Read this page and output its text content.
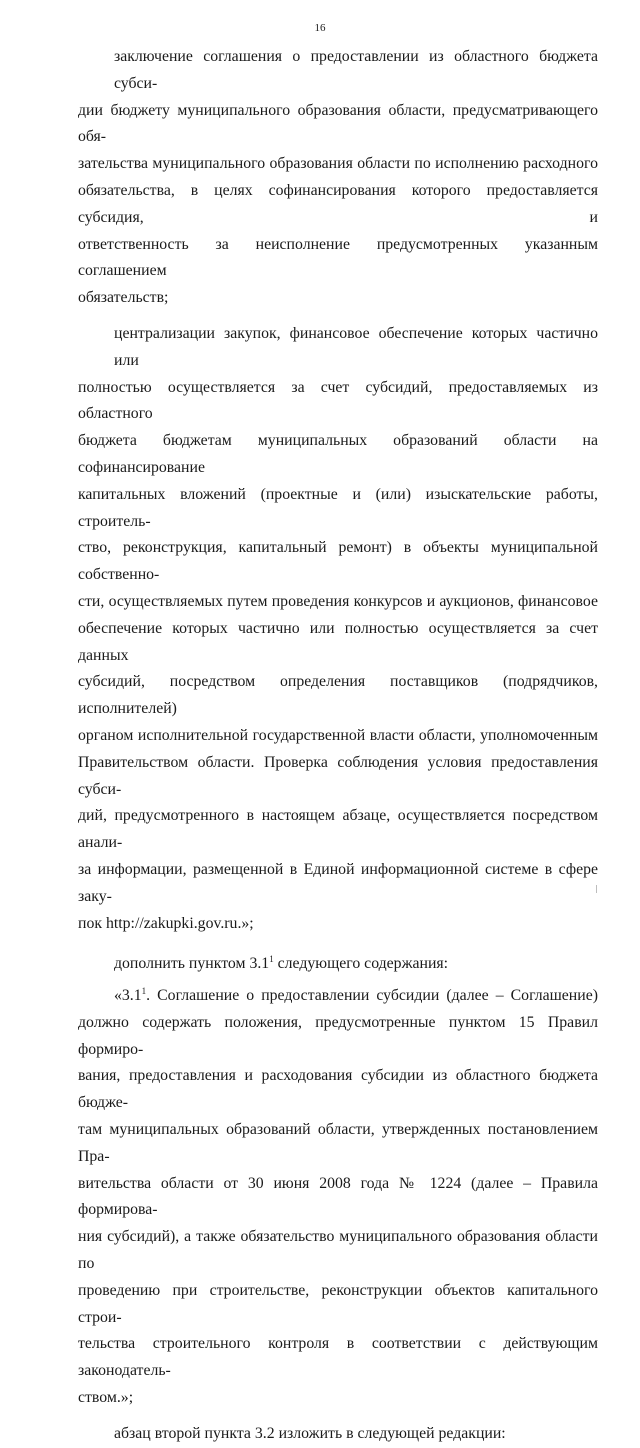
16
заключение соглашения о предоставлении из областного бюджета субси-
дии бюджету муниципального образования области, предусматривающего обя-
зательства муниципального образования области по исполнению расходного
обязательства, в целях софинансирования которого предоставляется субсидия, и
ответственность за неисполнение предусмотренных указанным соглашением
обязательств;
централизации закупок, финансовое обеспечение которых частично или
полностью осуществляется за счет субсидий, предоставляемых из областного
бюджета бюджетам муниципальных образований области на софинансирование
капитальных вложений (проектные и (или) изыскательские работы, строитель-
ство, реконструкция, капитальный ремонт) в объекты муниципальной собственно-
сти, осуществляемых путем проведения конкурсов и аукционов, финансовое
обеспечение которых частично или полностью осуществляется за счет данных
субсидий, посредством определения поставщиков (подрядчиков, исполнителей)
органом исполнительной государственной власти области, уполномоченным
Правительством области. Проверка соблюдения условия предоставления субси-
дий, предусмотренного в настоящем абзаце, осуществляется посредством анали-
за информации, размещенной в Единой информационной системе в сфере заку-
пок http://zakupki.gov.ru.»;
дополнить пунктом $3.1^1$ следующего содержания:
«$3.1^1$. Соглашение о предоставлении субсидии (далее – Соглашение)
должно содержать положения, предусмотренные пунктом 15 Правил формиро-
вания, предоставления и расходования субсидии из областного бюджета бюдже-
там муниципальных образований области, утвержденных постановлением Пра-
вительства области от 30 июня 2008 года № 1224 (далее – Правила формирова-
ния субсидий), а также обязательство муниципального образования области по
проведению при строительстве, реконструкции объектов капитального строи-
тельства строительного контроля в соответствии с действующим законодатель-
ством.»;
абзац второй пункта 3.2 изложить в следующей редакции:
